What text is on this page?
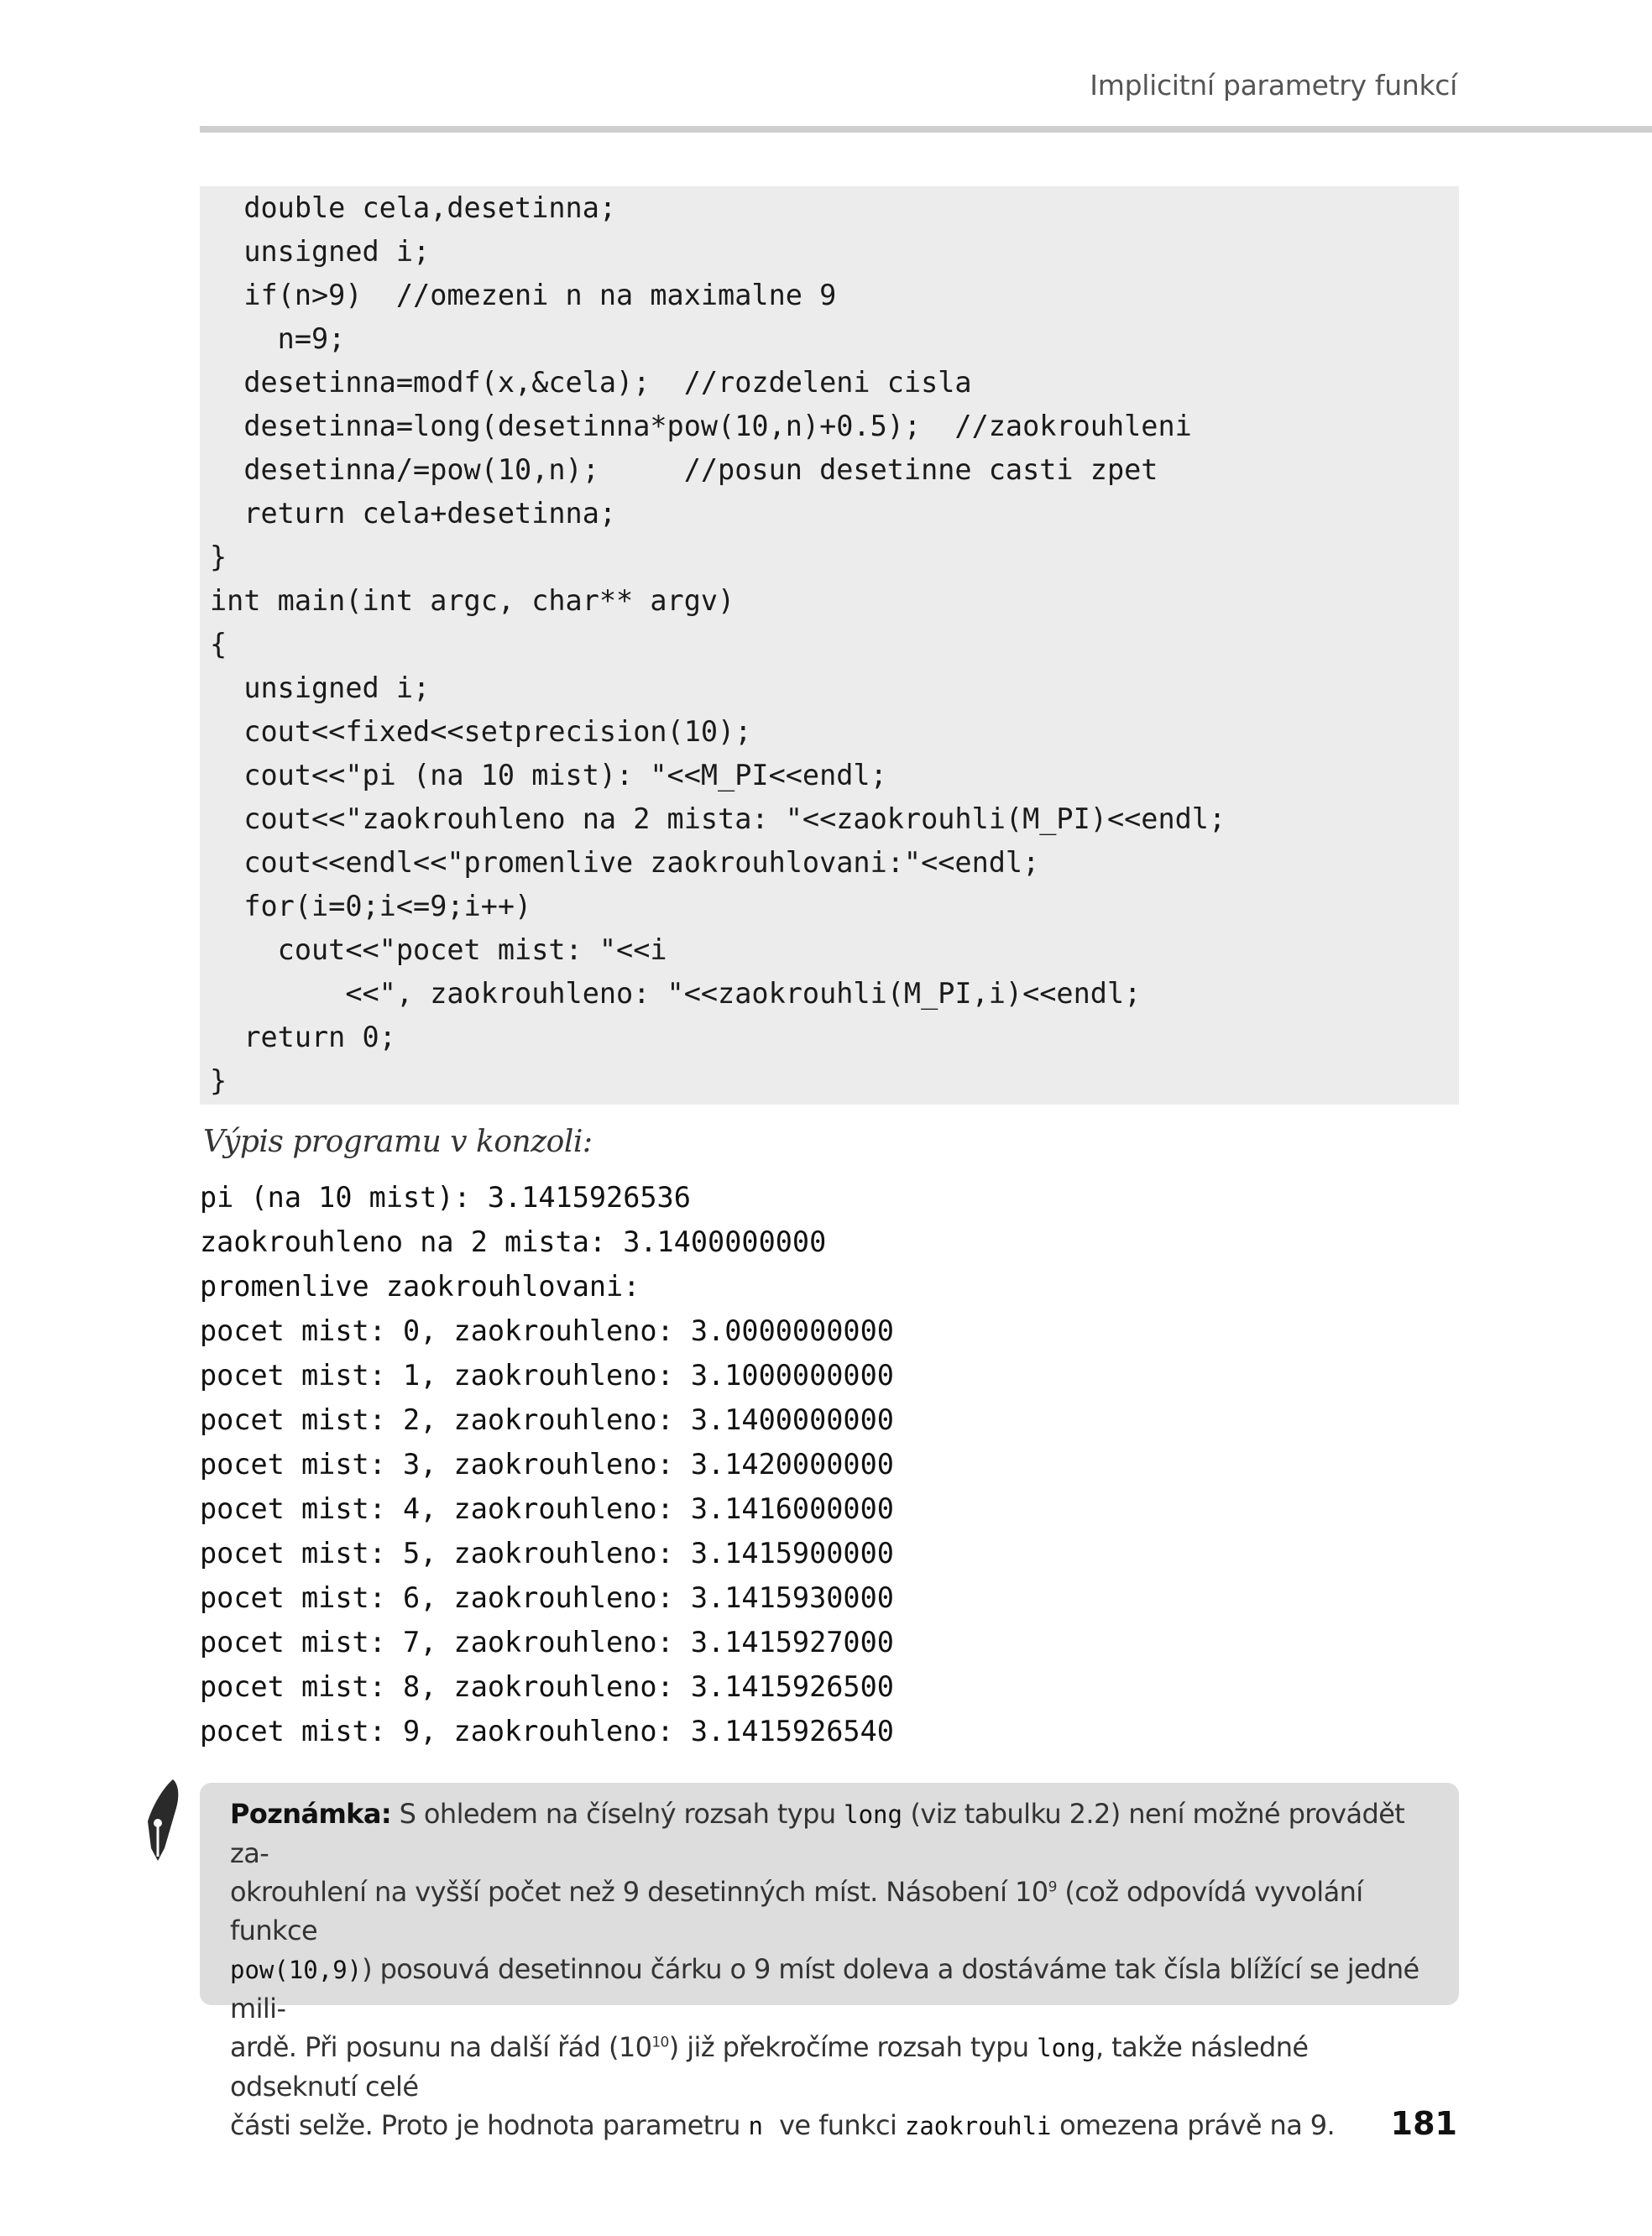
Implicitní parametry funkcí
double cela,desetinna;
unsigned i;
if(n>9)  //omezeni n na maximalne 9
n=9;
desetinna=modf(x,&cela);  //rozdeleni cisla
desetinna=long(desetinna*pow(10,n)+0.5);  //zaokrouhleni
desetinna/=pow(10,n);     //posun desetinne casti zpet
return cela+desetinna;
}
int main(int argc, char** argv)
{
unsigned i;
cout<<fixed<<setprecision(10);
cout<<"pi (na 10 mist): "<<M_PI<<endl;
cout<<"zaokrouhleno na 2 mista: "<<zaokrouhli(M_PI)<<endl;
cout<<endl<<"promenlive zaokrouhlovani:"<<endl;
for(i=0;i<=9;i++)
cout<<"pocet mist: "<<i
<<", zaokrouhleno: "<<zaokrouhli(M_PI,i)<<endl;
return 0;
}
Výpis programu v konzoli:
pi (na 10 mist): 3.1415926536
zaokrouhleno na 2 mista: 3.1400000000
promenlive zaokrouhlovani:
pocet mist: 0, zaokrouhleno: 3.0000000000
pocet mist: 1, zaokrouhleno: 3.1000000000
pocet mist: 2, zaokrouhleno: 3.1400000000
pocet mist: 3, zaokrouhleno: 3.1420000000
pocet mist: 4, zaokrouhleno: 3.1416000000
pocet mist: 5, zaokrouhleno: 3.1415900000
pocet mist: 6, zaokrouhleno: 3.1415930000
pocet mist: 7, zaokrouhleno: 3.1415927000
pocet mist: 8, zaokrouhleno: 3.1415926500
pocet mist: 9, zaokrouhleno: 3.1415926540
Poznámka: S ohledem na číselný rozsah typu long (viz tabulku 2.2) není možné provádět za-
okrouhlení na vyšší počet než 9 desetinných míst. Násobení $10^9$ (což odpovídá vyvolání funkce
pow(10,9)) posouvá desetinnou čárku o 9 míst doleva a dostáváme tak čísla blížící se jedné mili-
ardě. Při posunu na další řád $(10^{10})$ již překročíme rozsah typu long, takže následné odseknutí celé
části selže. Proto je hodnota parametru n  ve funkci zaokrouhli omezena právě na 9.	181
